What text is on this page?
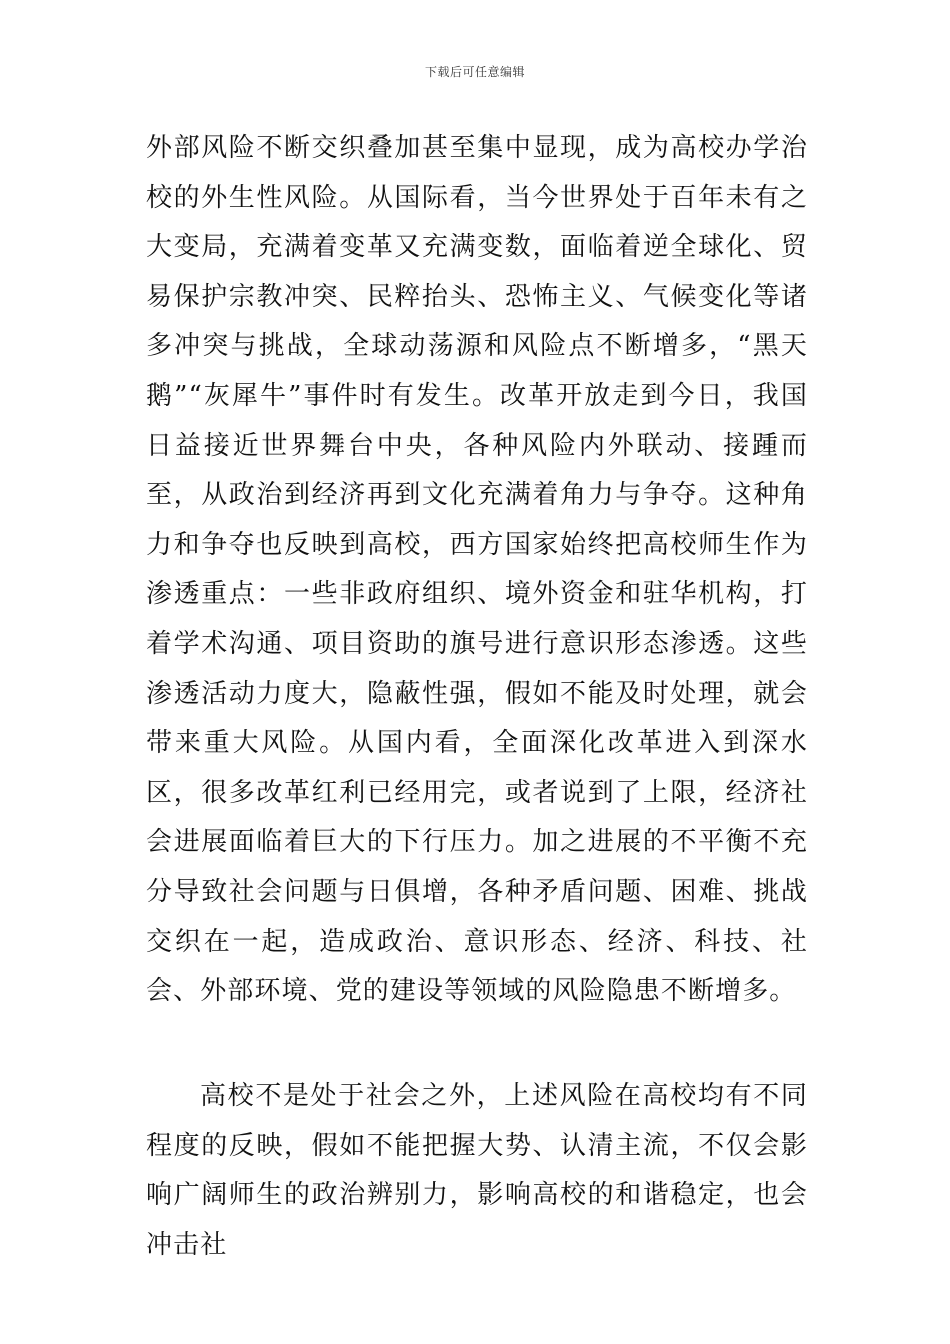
下载后可任意编辑

外部风险不断交织叠加甚至集中显现，成为高校办学治校的外生性风险。从国际看，当今世界处于百年未有之大变局，充满着变革又充满变数，面临着逆全球化、贸易保护宗教冲突、民粹抬头、恐怖主义、气候变化等诸多冲突与挑战，全球动荡源和风险点不断增多，“黑天鹅”“灰犀牛”事件时有发生。改革开放走到今日，我国日益接近世界舞台中央，各种风险内外联动、接踵而至，从政治到经济再到文化充满着角力与争夺。这种角力和争夺也反映到高校，西方国家始终把高校师生作为渗透重点：一些非政府组织、境外资金和驻华机构，打着学术沟通、项目资助的旗号进行意识形态渗透。这些渗透活动力度大，隐蔽性强，假如不能及时处理，就会带来重大风险。从国内看，全面深化改革进入到深水区，很多改革红利已经用完，或者说到了上限，经济社会进展面临着巨大的下行压力。加之进展的不平衡不充分导致社会问题与日俱增，各种矛盾问题、困难、挑战交织在一起，造成政治、意识形态、经济、科技、社会、外部环境、党的建设等领域的风险隐患不断增多。

高校不是处于社会之外，上述风险在高校均有不同程度的反映，假如不能把握大势、认清主流，不仅会影响广阔师生的政治辨别力，影响高校的和谐稳定，也会冲击社
